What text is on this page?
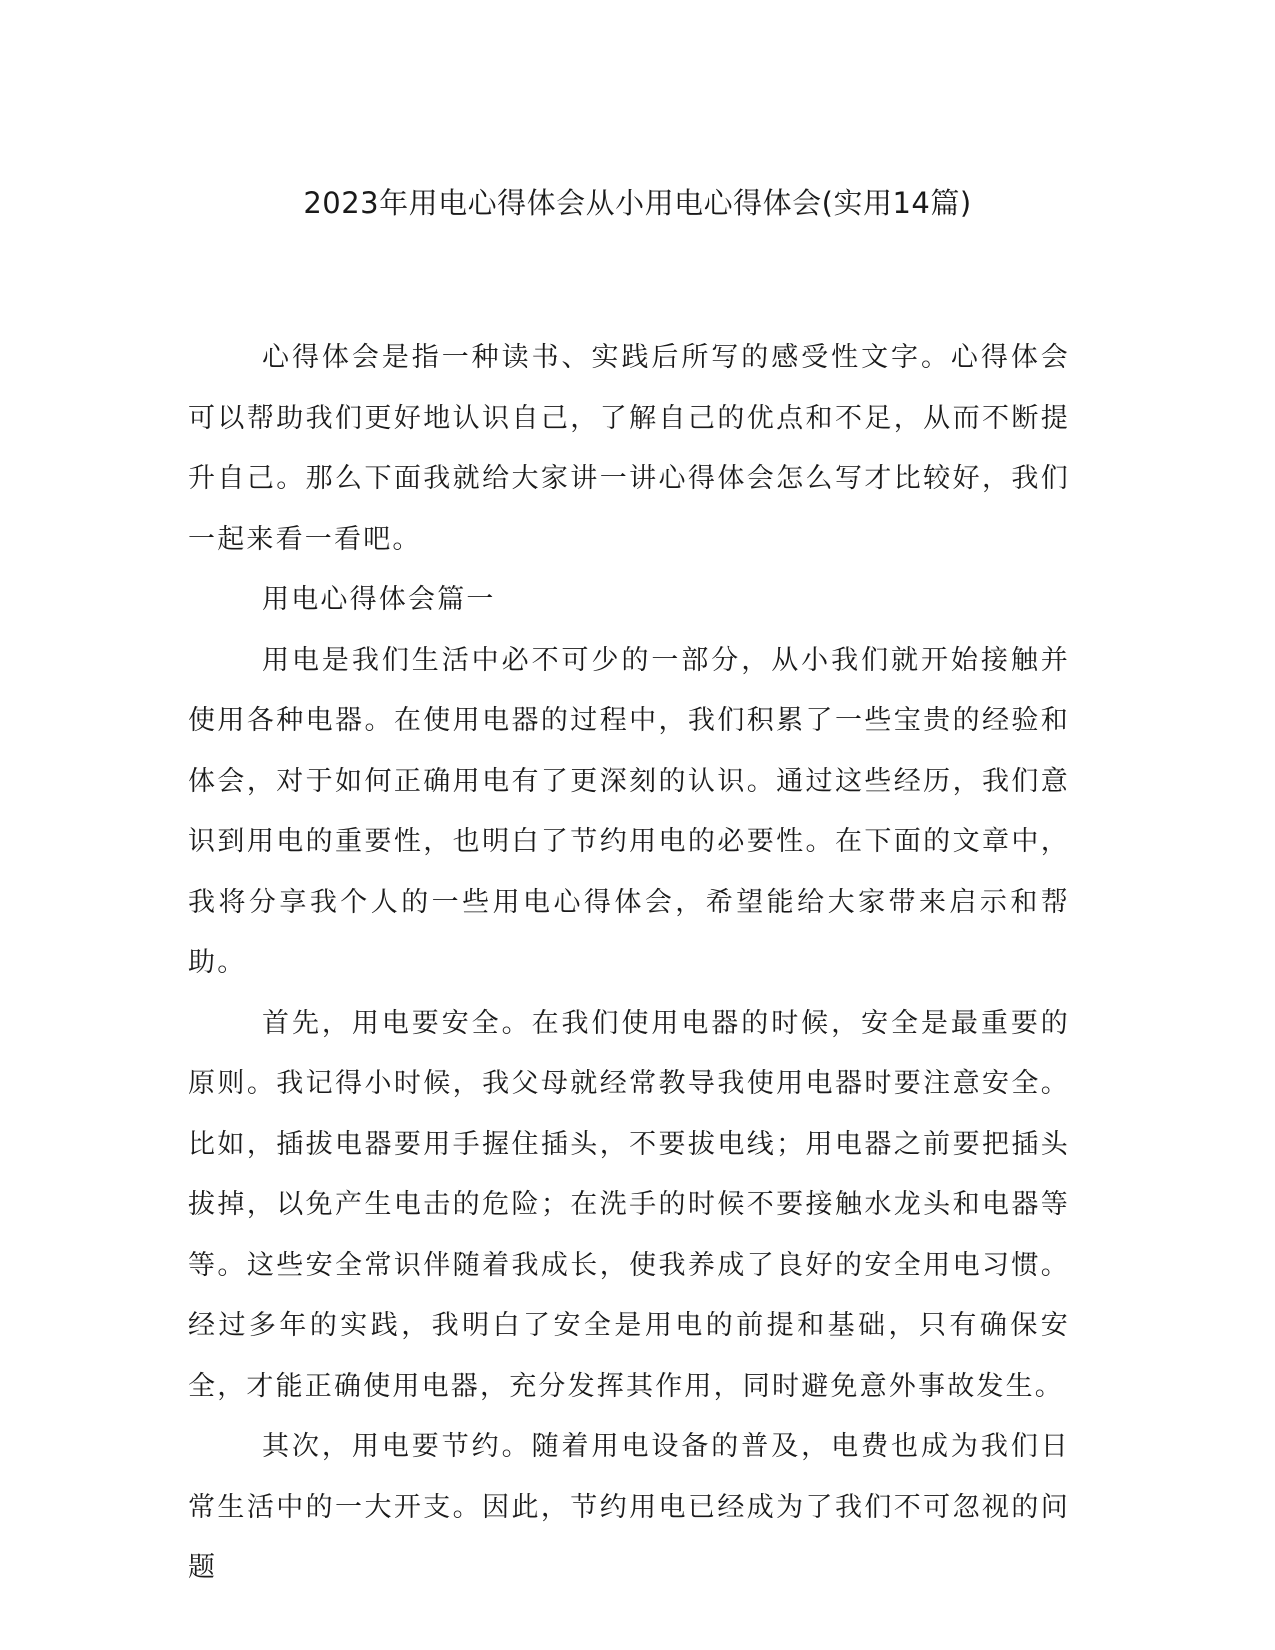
2023年用电心得体会从小用电心得体会(实用14篇)

心得体会是指一种读书、实践后所写的感受性文字。心得体会可以帮助我们更好地认识自己，了解自己的优点和不足，从而不断提升自己。那么下面我就给大家讲一讲心得体会怎么写才比较好，我们一起来看一看吧。

用电心得体会篇一

用电是我们生活中必不可少的一部分，从小我们就开始接触并使用各种电器。在使用电器的过程中，我们积累了一些宝贵的经验和体会，对于如何正确用电有了更深刻的认识。通过这些经历，我们意识到用电的重要性，也明白了节约用电的必要性。在下面的文章中，我将分享我个人的一些用电心得体会，希望能给大家带来启示和帮助。

首先，用电要安全。在我们使用电器的时候，安全是最重要的原则。我记得小时候，我父母就经常教导我使用电器时要注意安全。比如，插拔电器要用手握住插头，不要拔电线；用电器之前要把插头拔掉，以免产生电击的危险；在洗手的时候不要接触水龙头和电器等等。这些安全常识伴随着我成长，使我养成了良好的安全用电习惯。经过多年的实践，我明白了安全是用电的前提和基础，只有确保安全，才能正确使用电器，充分发挥其作用，同时避免意外事故发生。

其次，用电要节约。随着用电设备的普及，电费也成为我们日常生活中的一大开支。因此，节约用电已经成为了我们不可忽视的问题
